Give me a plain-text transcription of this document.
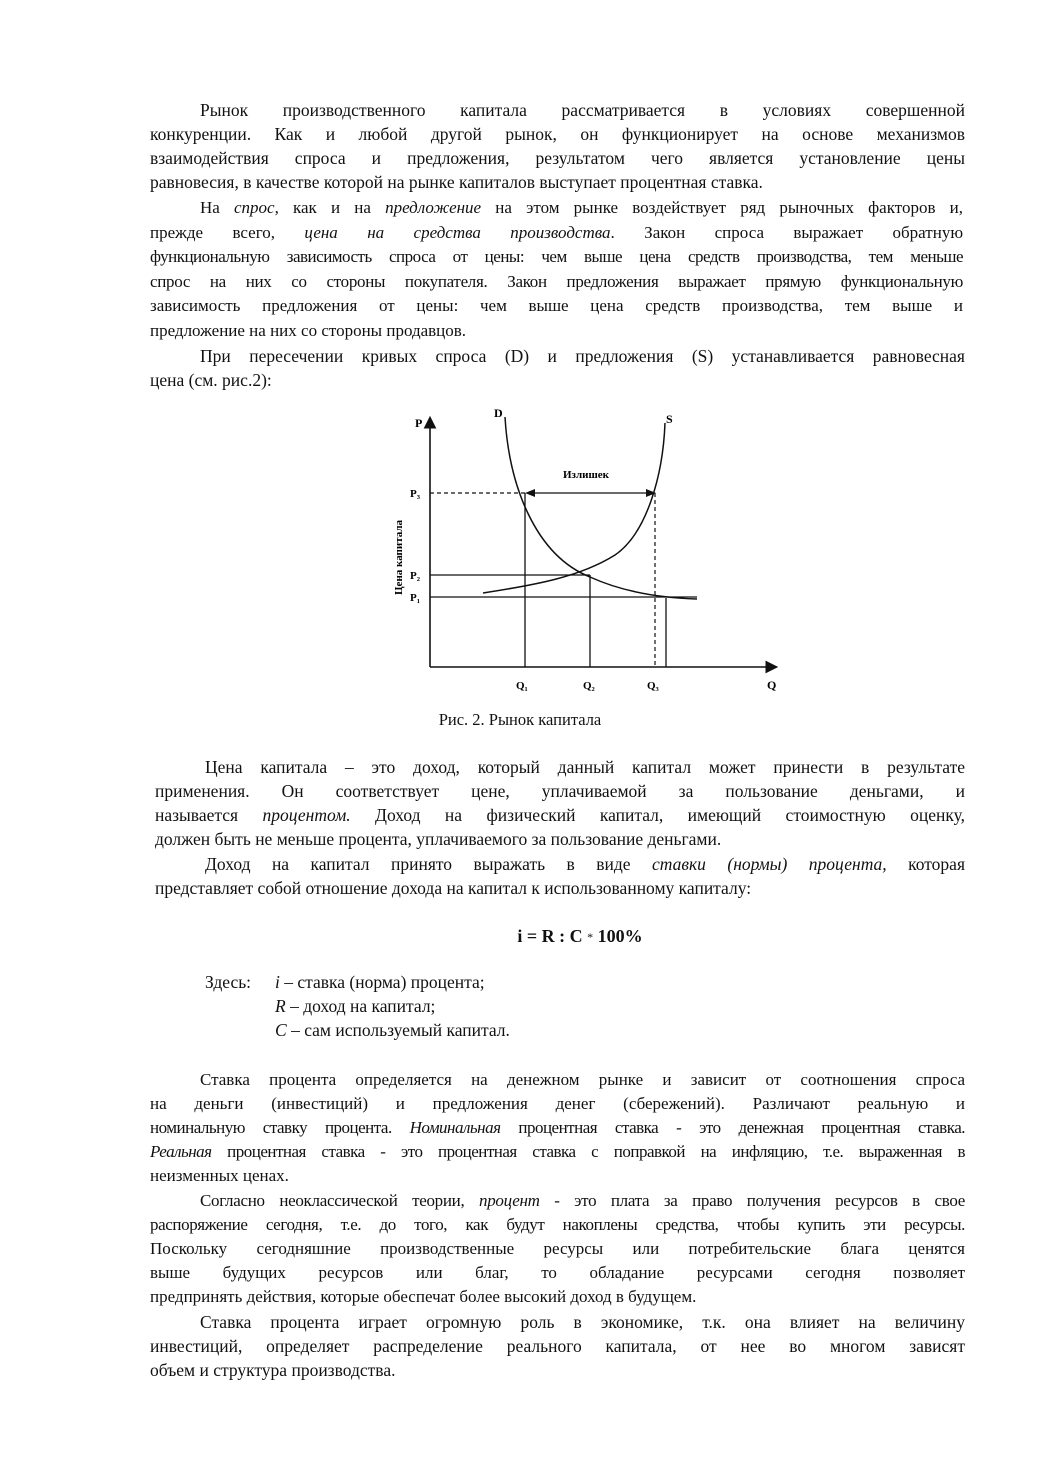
Рынок производственного капитала рассматривается в условиях совершенной
конкуренции. Как и любой другой рынок, он функционирует на основе механизмов
взаимодействия спроса и предложения, результатом чего является установление цены
равновесия, в качестве которой на рынке капиталов выступает процентная ставка.

На спрос, как и на предложение на этом рынке воздействует ряд рыночных факторов и,
прежде всего, цена на средства производства. Закон спроса выражает обратную
функциональную зависимость спроса от цены: чем выше цена средств производства, тем меньше
спрос на них со стороны покупателя. Закон предложения выражает прямую функциональную
зависимость предложения от цены: чем выше цена средств производства, тем выше и
предложение на них со стороны продавцов.

При пересечении кривых спроса (D) и предложения (S) устанавливается равновесная
цена (см. рис.2):

P
Q
Цена капитала
D	S
Излишек
P₃
P₂
P₁
Q₁	Q₂	Q₃
Рис. 2. Рынок капитала

Цена капитала – это доход, который данный капитал может принести в результате
применения. Он соответствует цене, уплачиваемой за пользование деньгами, и
называется процентом. Доход на физический капитал, имеющий стоимостную оценку,
должен быть не меньше процента, уплачиваемого за пользование деньгами.

Доход на капитал принято выражать в виде ставки (нормы) процента, которая
представляет собой отношение дохода на капитал к использованному капиталу:

i = R : C * 100%
Здесь: i – ставка (норма) процента;
R – доход на капитал;
C – сам используемый капитал.

Ставка процента определяется на денежном рынке и зависит от соотношения спроса
на деньги (инвестиций) и предложения денег (сбережений). Различают реальную и
номинальную ставку процента. Номинальная процентная ставка - это денежная процентная ставка.
Реальная процентная ставка - это процентная ставка с поправкой на инфляцию, т.е. выраженная в
неизменных ценах.

Согласно неоклассической теории, процент - это плата за право получения ресурсов в свое
распоряжение сегодня, т.е. до того, как будут накоплены средства, чтобы купить эти ресурсы.
Поскольку сегодняшние производственные ресурсы или потребительские блага ценятся
выше будущих ресурсов или благ, то обладание ресурсами сегодня позволяет
предпринять действия, которые обеспечат более высокий доход в будущем.

Ставка процента играет огромную роль в экономике, т.к. она влияет на величину
инвестиций, определяет распределение реального капитала, от нее во многом зависят
объем и структура производства.
